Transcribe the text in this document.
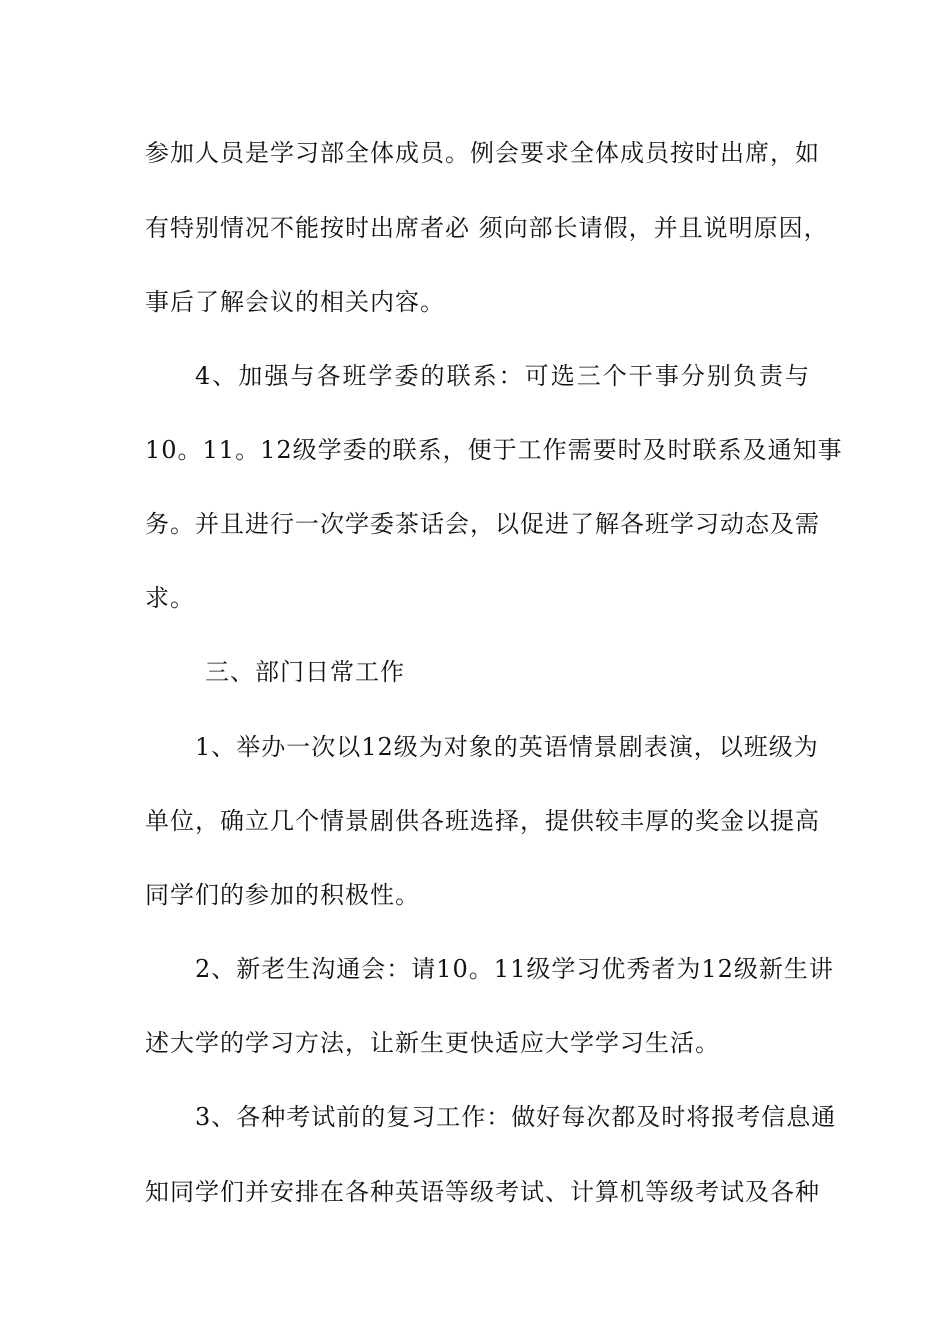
参加人员是学习部全体成员。例会要求全体成员按时出席，如
有特别情况不能按时出席者必 须向部长请假，并且说明原因，
事后了解会议的相关内容。
4、加强与各班学委的联系：可选三个干事分别负责与
10。11。12级学委的联系，便于工作需要时及时联系及通知事
务。并且进行一次学委茶话会，以促进了解各班学习动态及需
求。
三、部门日常工作
1、举办一次以12级为对象的英语情景剧表演，以班级为
单位，确立几个情景剧供各班选择，提供较丰厚的奖金以提高
同学们的参加的积极性。
2、新老生沟通会：请10。11级学习优秀者为12级新生讲
述大学的学习方法，让新生更快适应大学学习生活。
3、各种考试前的复习工作：做好每次都及时将报考信息通
知同学们并安排在各种英语等级考试、计算机等级考试及各种
